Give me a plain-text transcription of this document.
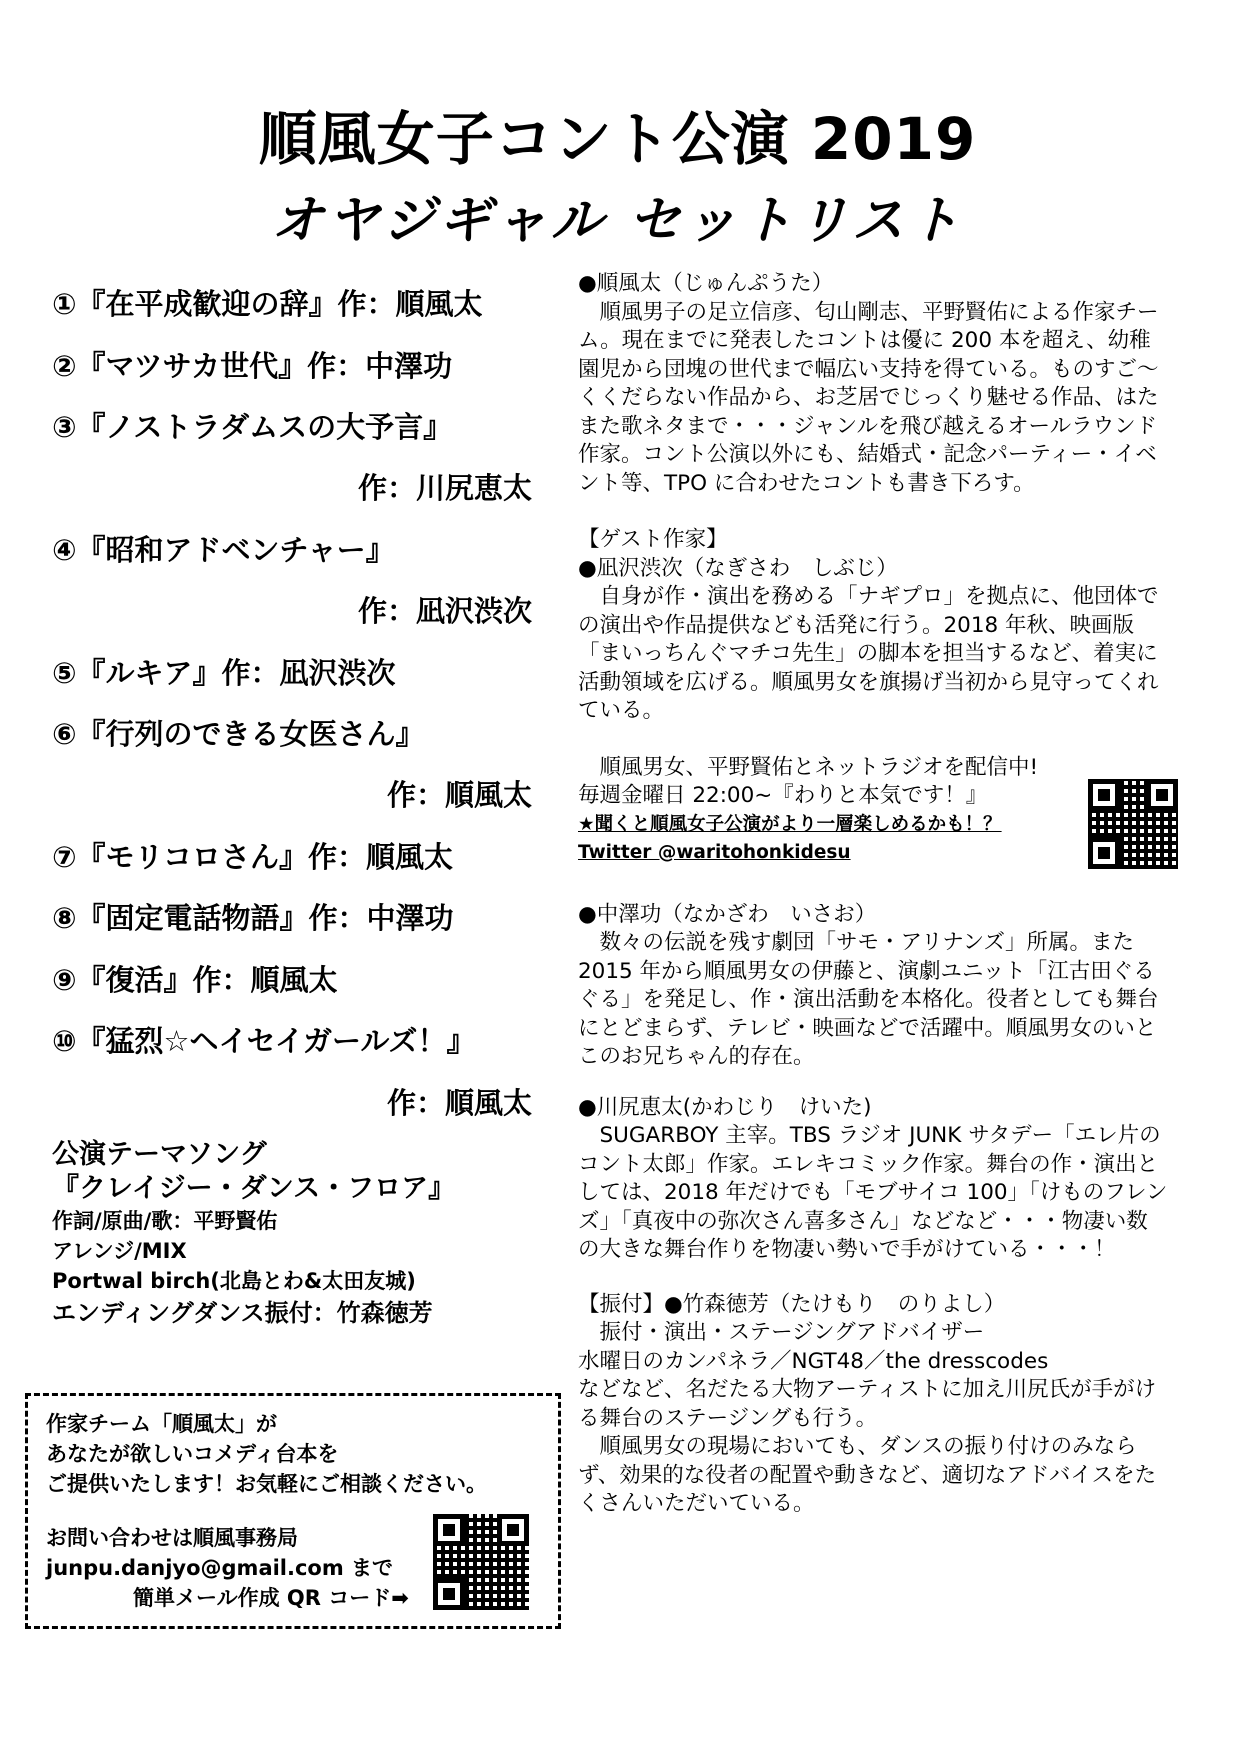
順風女子コント公演 2019
オヤジギャル セットリスト
①『在平成歓迎の辞』作：順風太
②『マツサカ世代』作：中澤功
③『ノストラダムスの大予言』
作：川尻恵太
④『昭和アドベンチャー』
作：凪沢渋次
⑤『ルキア』作：凪沢渋次
⑥『行列のできる女医さん』
作：順風太
⑦『モリコロさん』作：順風太
⑧『固定電話物語』作：中澤功
⑨『復活』作：順風太
⑩『猛烈☆ヘイセイガールズ！』
作：順風太
公演テーマソング
『クレイジー・ダンス・フロア』
作詞/原曲/歌：平野賢佑
アレンジ/MIX
Portwal birch(北島とわ&太田友城)
エンディングダンス振付：竹森徳芳
作家チーム「順風太」が
あなたが欲しいコメディ台本を
ご提供いたします！お気軽にご相談ください。
お問い合わせは順風事務局
junpu.danjyo@gmail.com まで
簡単メール作成 QR コード➡
●順風太（じゅんぷうた）
　順風男子の足立信彦、匂山剛志、平野賢佑による作家チーム。現在までに発表したコントは優に 200 本を超え、幼稚園児から団塊の世代まで幅広い支持を得ている。ものすご〜くくだらない作品から、お芝居でじっくり魅せる作品、はたまた歌ネタまで・・・ジャンルを飛び越えるオールラウンド作家。コント公演以外にも、結婚式・記念パーティー・イベント等、TPO に合わせたコントも書き下ろす。
【ゲスト作家】
●凪沢渋次（なぎさわ　しぶじ）
　自身が作・演出を務める「ナギプロ」を拠点に、他団体での演出や作品提供なども活発に行う。2018 年秋、映画版「まいっちんぐマチコ先生」の脚本を担当するなど、着実に活動領域を広げる。順風男女を旗揚げ当初から見守ってくれている。
　順風男女、平野賢佑とネットラジオを配信中!
毎週金曜日 22:00~『わりと本気です！』
★聞くと順風女子公演がより一層楽しめるかも！？
Twitter @waritohonkidesu
●中澤功（なかざわ　いさお）
　数々の伝説を残す劇団「サモ・アリナンズ」所属。また 2015 年から順風男女の伊藤と、演劇ユニット「江古田ぐるぐる」を発足し、作・演出活動を本格化。役者としても舞台にとどまらず、テレビ・映画などで活躍中。順風男女のいとこのお兄ちゃん的存在。
●川尻恵太(かわじり　けいた)
　SUGARBOY 主宰。TBS ラジオ JUNK サタデー「エレ片のコント太郎」作家。エレキコミック作家。舞台の作・演出としては、2018 年だけでも「モブサイコ 100」「けものフレンズ」「真夜中の弥次さん喜多さん」などなど・・・物凄い数の大きな舞台作りを物凄い勢いで手がけている・・・！
【振付】●竹森徳芳（たけもり　のりよし）
　振付・演出・ステージングアドバイザー
水曜日のカンパネラ／NGT48／the dresscodes
などなど、名だたる大物アーティストに加え川尻氏が手がける舞台のステージングも行う。
　順風男女の現場においても、ダンスの振り付けのみならず、効果的な役者の配置や動きなど、適切なアドバイスをたくさんいただいている。
